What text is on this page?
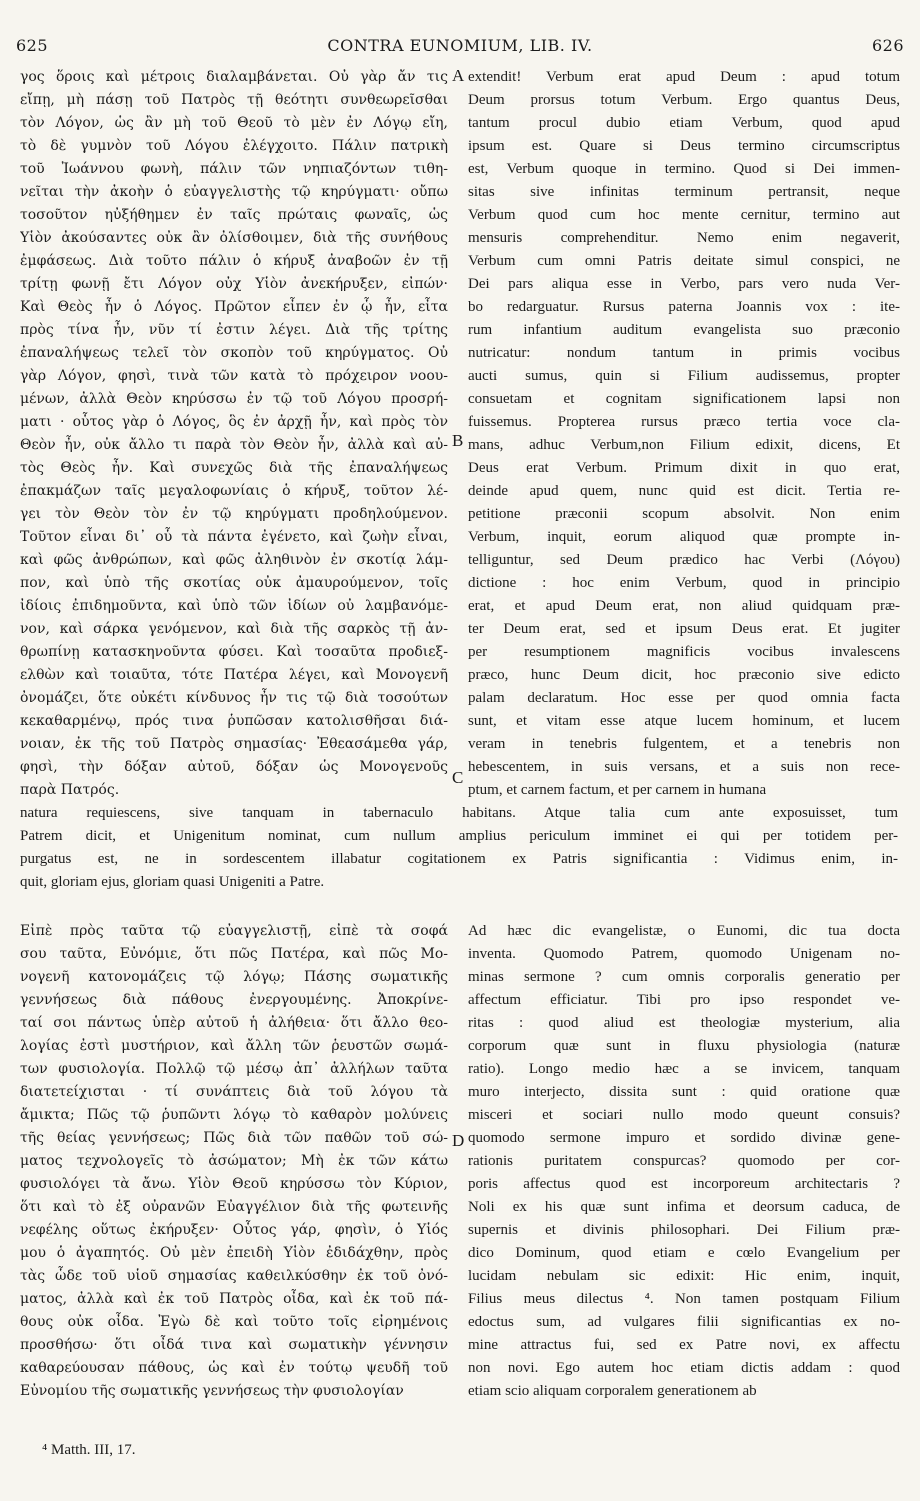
625	CONTRA EUNOMIUM, LIB. IV.	626
γος ὅροις καὶ μέτροις διαλαμβάνεται. Οὐ γὰρ ἄν τις
εἴπῃ, μὴ πάσῃ τοῦ Πατρὸς τῇ θεότητι συνθεωρεῖσθαι
τὸν Λόγον, ὡς ἂν μὴ τοῦ Θεοῦ τὸ μὲν ἐν Λόγῳ εἴη,
τὸ δὲ γυμνὸν τοῦ Λόγου ἐλέγχοιτο. Πάλιν πατρικὴ
τοῦ Ἰωάννου φωνὴ, πάλιν τῶν νηπιαζόντων τιθη-
νεῖται τὴν ἀκοὴν ὁ εὐαγγελιστὴς τῷ κηρύγματι· οὔπω
τοσοῦτον ηὐξήθημεν ἐν ταῖς πρώταις φωναῖς, ὡς
Υἱὸν ἀκούσαντες οὐκ ἂν ὀλίσθοιμεν, διὰ τῆς συνήθους
ἐμφάσεως. Διὰ τοῦτο πάλιν ὁ κήρυξ ἀναβοῶν ἐν τῇ
τρίτῃ φωνῇ ἔτι Λόγον οὐχ Υἱὸν ἀνεκήρυξεν, εἰπών·
Καὶ Θεὸς ἦν ὁ Λόγος. Πρῶτον εἶπεν ἐν ᾧ ἦν, εἶτα
πρὸς τίνα ἦν, νῦν τί ἐστιν λέγει. Διὰ τῆς τρίτης
ἐπαναλήψεως τελεῖ τὸν σκοπὸν τοῦ κηρύγματος. Οὐ
γὰρ Λόγον, φησὶ, τινὰ τῶν κατὰ τὸ πρόχειρον νοου-
μένων, ἀλλὰ Θεὸν κηρύσσω ἐν τῷ τοῦ Λόγου προσρή-
ματι · οὗτος γὰρ ὁ Λόγος, ὃς ἐν ἀρχῇ ἦν, καὶ πρὸς τὸν
Θεὸν ἦν, οὐκ ἄλλο τι παρὰ τὸν Θεὸν ἦν, ἀλλὰ καὶ αὐ-
τὸς Θεὸς ἦν. Καὶ συνεχῶς διὰ τῆς ἐπαναλήψεως
ἐπακμάζων ταῖς μεγαλοφωνίαις ὁ κήρυξ, τοῦτον λέ-
γει τὸν Θεὸν τὸν ἐν τῷ κηρύγματι προδηλούμενον.
Τοῦτον εἶναι δι᾽ οὗ τὰ πάντα ἐγένετο, καὶ ζωὴν εἶναι,
καὶ φῶς ἀνθρώπων, καὶ φῶς ἀληθινὸν ἐν σκοτίᾳ λάμ-
πον, καὶ ὑπὸ τῆς σκοτίας οὐκ ἀμαυρούμενον, τοῖς
ἰδίοις ἐπιδημοῦντα, καὶ ὑπὸ τῶν ἰδίων οὐ λαμβανόμε-
νον, καὶ σάρκα γενόμενον, καὶ διὰ τῆς σαρκὸς τῇ ἀν-
θρωπίνῃ κατασκηνοῦντα φύσει. Καὶ τοσαῦτα προδιεξ-
ελθὼν καὶ τοιαῦτα, τότε Πατέρα λέγει, καὶ Μονογενῆ
ὀνομάζει, ὅτε οὐκέτι κίνδυνος ἦν τις τῷ διὰ τοσούτων
κεκαθαρμένῳ, πρός τινα ῥυπῶσαν κατολισθῆσαι διά-
νοιαν, ἐκ τῆς τοῦ Πατρὸς σημασίας· Ἐθεασάμεθα γάρ,
φησὶ, τὴν δόξαν αὐτοῦ, δόξαν ὡς Μονογενοῦς
παρὰ Πατρός.
extendit! Verbum erat apud Deum : apud totum
Deum prorsus totum Verbum. Ergo quantus Deus,
tantum procul dubio etiam Verbum, quod apud
ipsum est. Quare si Deus termino circumscriptus
est, Verbum quoque in termino. Quod si Dei immen-
sitas sive infinitas terminum pertransit, neque
Verbum quod cum hoc mente cernitur, termino aut
mensuris comprehenditur. Nemo enim negaverit,
Verbum cum omni Patris deitate simul conspici, ne
Dei pars aliqua esse in Verbo, pars vero nuda Ver-
bo redarguatur. Rursus paterna Joannis vox : ite-
rum infantium auditum evangelista suo præconio
nutricatur: nondum tantum in primis vocibus
aucti sumus, quin si Filium audissemus, propter
consuetam et cognitam significationem lapsi non
fuissemus. Propterea rursus præco tertia voce cla-
mans, adhuc Verbum,non Filium edixit, dicens, Et
Deus erat Verbum. Primum dixit in quo erat,
deinde apud quem, nunc quid est dicit. Tertia re-
petitione præconii scopum absolvit. Non enim
Verbum, inquit, eorum aliquod quæ prompte in-
telliguntur, sed Deum prædico hac Verbi (Λόγου)
dictione : hoc enim Verbum, quod in principio
erat, et apud Deum erat, non aliud quidquam præ-
ter Deum erat, sed et ipsum Deus erat. Et jugiter
per resumptionem magnificis vocibus invalescens
præco, hunc Deum dicit, hoc præconio sive edicto
palam declaratum. Hoc esse per quod omnia facta
sunt, et vitam esse atque lucem hominum, et lucem
veram in tenebris fulgentem, et a tenebris non
hebescentem, in suis versans, et a suis non rece-
ptum, et carnem factum, et per carnem in humana
A
B
C
D
natura requiescens, sive tanquam in tabernaculo habitans. Atque talia cum ante exposuisset, tum
Patrem dicit, et Unigenitum nominat, cum nullum amplius periculum imminet ei qui per totidem per-
purgatus est, ne in sordescentem illabatur cogitationem ex Patris significantia : Vidimus enim, in-
quit, gloriam ejus, gloriam quasi Unigeniti a Patre.
Εἰπὲ πρὸς ταῦτα τῷ εὐαγγελιστῇ, εἰπὲ τὰ σοφά
σου ταῦτα, Εὐνόμιε, ὅτι πῶς Πατέρα, καὶ πῶς Μο-
νογενῆ κατονομάζεις τῷ λόγῳ; Πάσης σωματικῆς
γεννήσεως διὰ πάθους ἐνεργουμένης. Ἀποκρίνε-
ταί σοι πάντως ὑπὲρ αὐτοῦ ἡ ἀλήθεια· ὅτι ἄλλο θεο-
λογίας ἐστὶ μυστήριον, καὶ ἄλλη τῶν ῥευστῶν σωμά-
των φυσιολογία. Πολλῷ τῷ μέσῳ ἀπ᾽ ἀλλήλων ταῦτα
διατετείχισται · τί συνάπτεις διὰ τοῦ λόγου τὰ
ἄμικτα; Πῶς τῷ ῥυπῶντι λόγῳ τὸ καθαρὸν μολύνεις
τῆς θείας γεννήσεως; Πῶς διὰ τῶν παθῶν τοῦ σώ-
ματος τεχνολογεῖς τὸ ἀσώματον; Μὴ ἐκ τῶν κάτω
φυσιολόγει τὰ ἄνω. Υἱὸν Θεοῦ κηρύσσω τὸν Κύριον,
ὅτι καὶ τὸ ἐξ οὐρανῶν Εὐαγγέλιον διὰ τῆς φωτεινῆς
νεφέλης οὕτως ἐκήρυξεν· Οὗτος γάρ, φησὶν, ὁ Υἱός
μου ὁ ἀγαπητός. Οὐ μὲν ἐπειδὴ Υἱὸν ἐδιδάχθην, πρὸς
τὰς ὧδε τοῦ υἱοῦ σημασίας καθειλκύσθην ἐκ τοῦ ὀνό-
ματος, ἀλλὰ καὶ ἐκ τοῦ Πατρὸς οἶδα, καὶ ἐκ τοῦ πά-
θους οὐκ οἶδα. Ἐγὼ δὲ καὶ τοῦτο τοῖς εἰρημένοις
προσθήσω· ὅτι οἶδά τινα καὶ σωματικὴν γέννησιν
καθαρεύουσαν πάθους, ὡς καὶ ἐν τούτῳ ψευδῆ τοῦ
Εὐνομίου τῆς σωματικῆς γεννήσεως τὴν φυσιολογίαν
Ad hæc dic evangelistæ, o Eunomi, dic tua docta
inventa. Quomodo Patrem, quomodo Unigenam no-
minas sermone ? cum omnis corporalis generatio per
affectum efficiatur. Tibi pro ipso respondet ve-
ritas : quod aliud est theologiæ mysterium, alia
corporum quæ sunt in fluxu physiologia (naturæ
ratio). Longo medio hæc a se invicem, tanquam
muro interjecto, dissita sunt : quid oratione quæ
misceri et sociari nullo modo queunt consuis?
quomodo sermone impuro et sordido divinæ gene-
rationis puritatem conspurcas? quomodo per cor-
poris affectus quod est incorporeum architectaris ?
Noli ex his quæ sunt infima et deorsum caduca, de
supernis et divinis philosophari. Dei Filium præ-
dico Dominum, quod etiam e cœlo Evangelium per
lucidam nebulam sic edixit: Hic enim, inquit,
Filius meus dilectus ⁴. Non tamen postquam Filium
edoctus sum, ad vulgares filii significantias ex no-
mine attractus fui, sed ex Patre novi, ex affectu
non novi. Ego autem hoc etiam dictis addam : quod
etiam scio aliquam corporalem generationem ab
⁴ Matth. III, 17.
